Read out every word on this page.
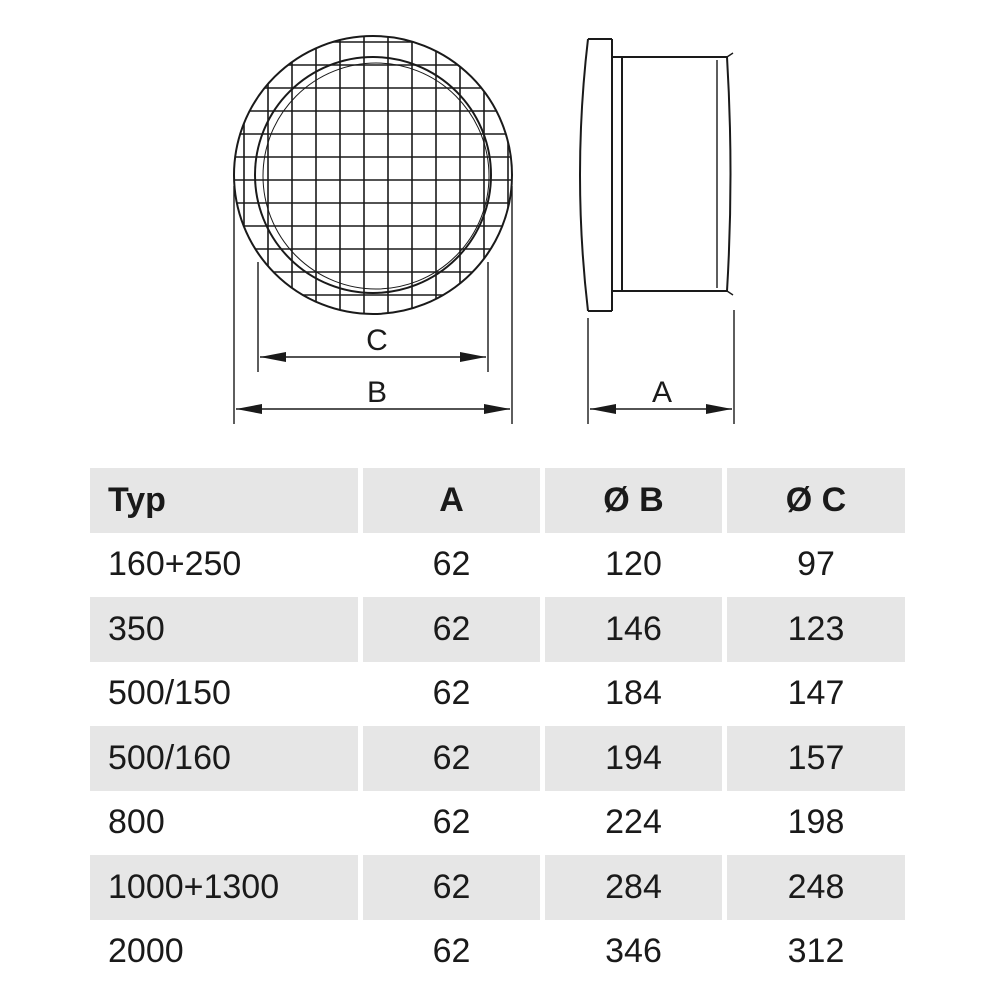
C
B	A
Typ	A	Ø B	Ø C
160+250	62	120	97
350	62	146	123
500/150	62	184	147
500/160	62	194	157
800	62	224	198
1000+1300	62	284	248
2000	62	346	312
